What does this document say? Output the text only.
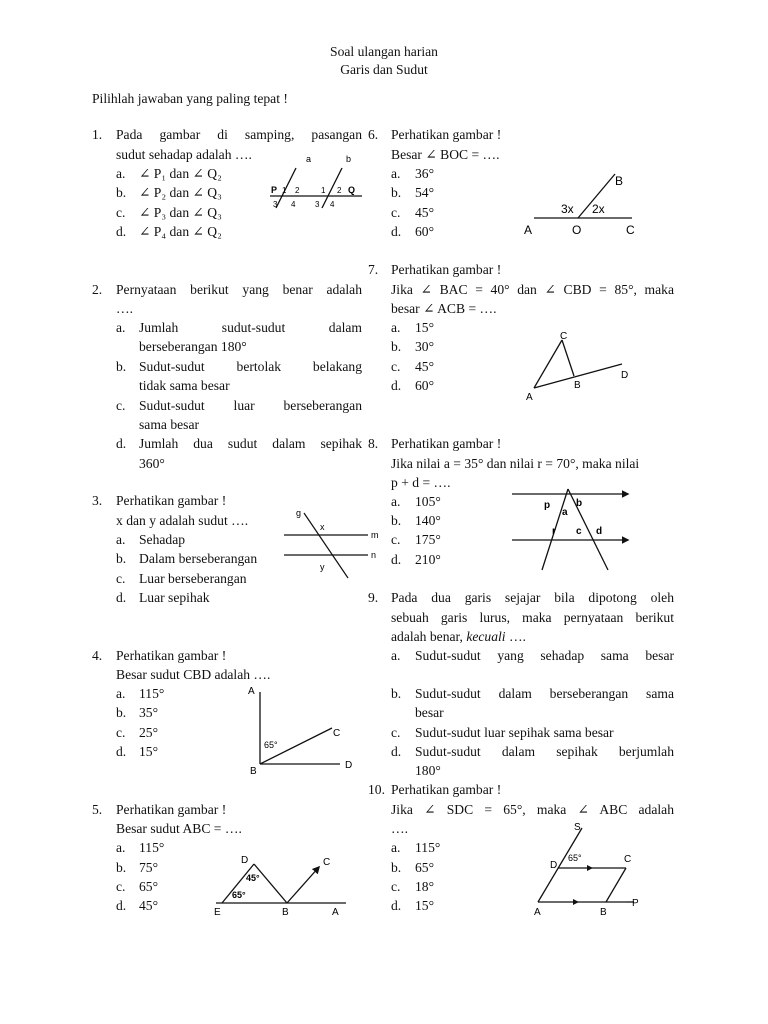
Soal ulangan harian
Garis dan Sudut
Pilihlah jawaban yang paling tepat !
1. Pada gambar di samping, pasangan
sudut sehadap adalah ….
a. ∠ P₁ dan ∠ Q₂
b. ∠ P₂ dan ∠ Q₃
c. ∠ P₃ dan ∠ Q₃
d. ∠ P₄ dan ∠ Q₂
a	b
P	Q
1 2	1 2
3 4 3 4
2. Pernyataan berikut yang benar adalah
….
a. Jumlah sudut-sudut dalam
berseberangan 180°
b. Sudut-sudut bertolak belakang
tidak sama besar
c. Sudut-sudut luar berseberangan
sama besar
d. Jumlah dua sudut dalam sepihak
360°
3. Perhatikan gambar !
x dan y adalah sudut ….
a. Sehadap
b. Dalam berseberangan
c. Luar berseberangan
d. Luar sepihak
g
x
y
m
n
4. Perhatikan gambar !
Besar sudut CBD adalah ….
a. 115°
b. 35°
c. 25°
d. 15°
A
B
C
D
65°
5. Perhatikan gambar !
Besar sudut ABC = ….
a. 115°
b. 75°
c. 65°
d. 45°
D	C
E	B	A
45°
65°
6. Perhatikan gambar !
Besar ∠ BOC = ….
a. 36°
b. 54°
c. 45°
d. 60°
B
3x 2x
A	O	C
7. Perhatikan gambar !
Jika ∠ BAC = 40° dan ∠ CBD = 85°, maka
besar ∠ ACB = ….
a. 15°
b. 30°
c. 45°
d. 60°
C
A
B
D
8. Perhatikan gambar !
Jika nilai a = 35° dan nilai r = 70°, maka nilai
p + d = ….
a. 105°
b. 140°
c. 175°
d. 210°
p	b
a
r c d
9. Pada dua garis sejajar bila dipotong oleh
sebuah garis lurus, maka pernyataan berikut
adalah benar, kecuali ….
a. Sudut-sudut yang sehadap sama besar
b. Sudut-sudut dalam berseberangan sama
besar
c. Sudut-sudut luar sepihak sama besar
d. Sudut-sudut dalam sepihak berjumlah
180°
10. Perhatikan gambar !
Jika ∠ SDC = 65°, maka ∠ ABC adalah
….
a. 115°
b. 65°
c. 18°
d. 15°
S
D
C
A	B
P
65°
